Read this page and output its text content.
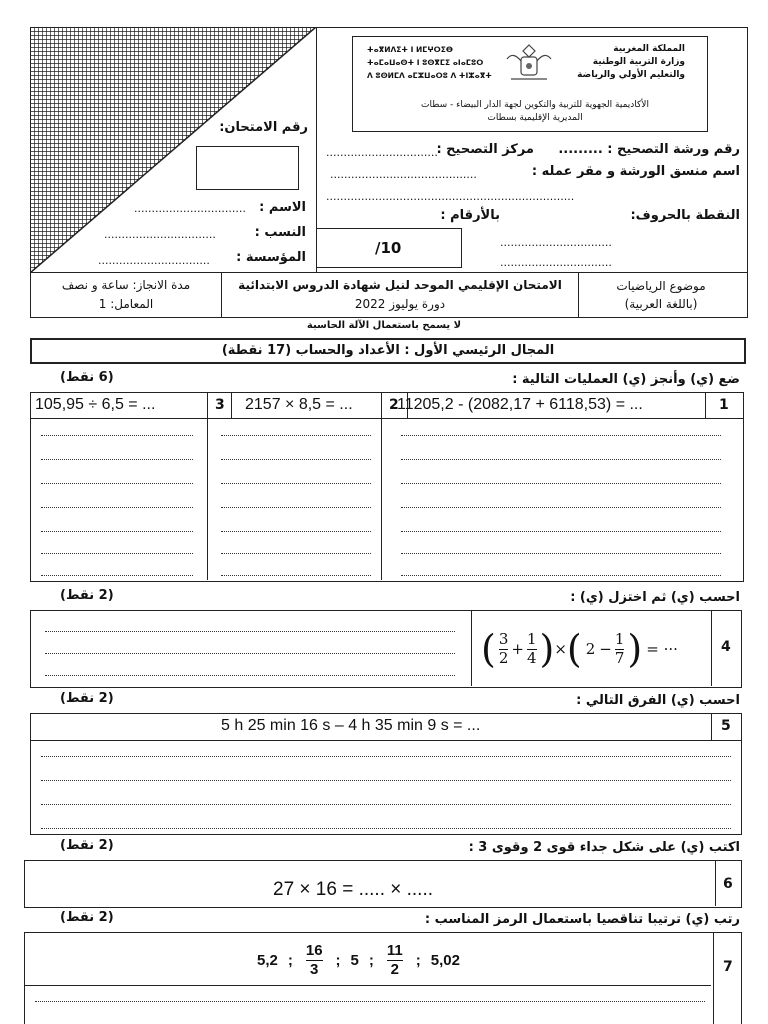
ⵜⴰⴳⵍⴷⵉⵜ ⵏ ⵍⵎⵖⵔⵉⴱ
ⵜⴰⵎⴰⵡⴰⵙⵜ ⵏ ⵓⵙⴳⵎⵉ ⴰⵏⴰⵎⵓⵔ
ⴷ ⵓⵙⵍⵎⴷ ⴰⵎⵣⵡⴰⵔⵓ ⴷ ⵜⵏⵣⴰⴳⵜ
المملكة المغربية
وزارة التربية الوطنية
والتعليم الأولي والرياضة
الأكاديمية الجهوية للتربية والتكوين لجهة الدار البيضاء - سطات
المديرية الإقليمية بسطات
رقم الامتحان:
الاسم :
................................
النسب :
................................
المؤسسة :
................................
رقم ورشة التصحيح : .........
مركز التصحيح :
................................
اسم منسق الورشة و مقر عمله :
..........................................
.......................................................................
النقطة بالحروف:
................................
................................
بالأرقام :
/10
موضوع الرياضيات
(باللغة العربية)
الامتحان الإقليمي الموحد لنيل شهادة الدروس الابتدائية
دورة يوليوز 2022
مدة الانجاز: ساعة و نصف
المعامل: 1
لا يسمح باستعمال الآلة الحاسبة
المجال الرئيسي الأول : الأعداد والحساب (17 نقطة)
ضع (ي) وأنجز (ي) العمليات التالية :
(6 نقط)
1
11205,2 - (2082,17 + 6118,53) = ...
2
2157 × 8,5 = ...
3
105,95 ÷ 6,5 = ...
احسب (ي) ثم اختزل (ي) :
(2 نقط)
4
( $\frac{3}{2} + \frac{1}{4}$ ) × ( $2 - \frac{1}{7}$ ) = ···
احسب (ي) الفرق التالي :
(2 نقط)
5
5 h 25 min 16 s – 4 h 35 min 9 s = ...
اكتب (ي) على شكل جداء قوى 2 وقوى 3 :
(2 نقط)
6
27 × 16 = ..... × .....
رتب (ي) ترتيبا تناقصيا باستعمال الرمز المناسب :
(2 نقط)
7
5,2 ; $\frac{16}{3}$ ; 5 ; $\frac{11}{2}$ ; 5,02
